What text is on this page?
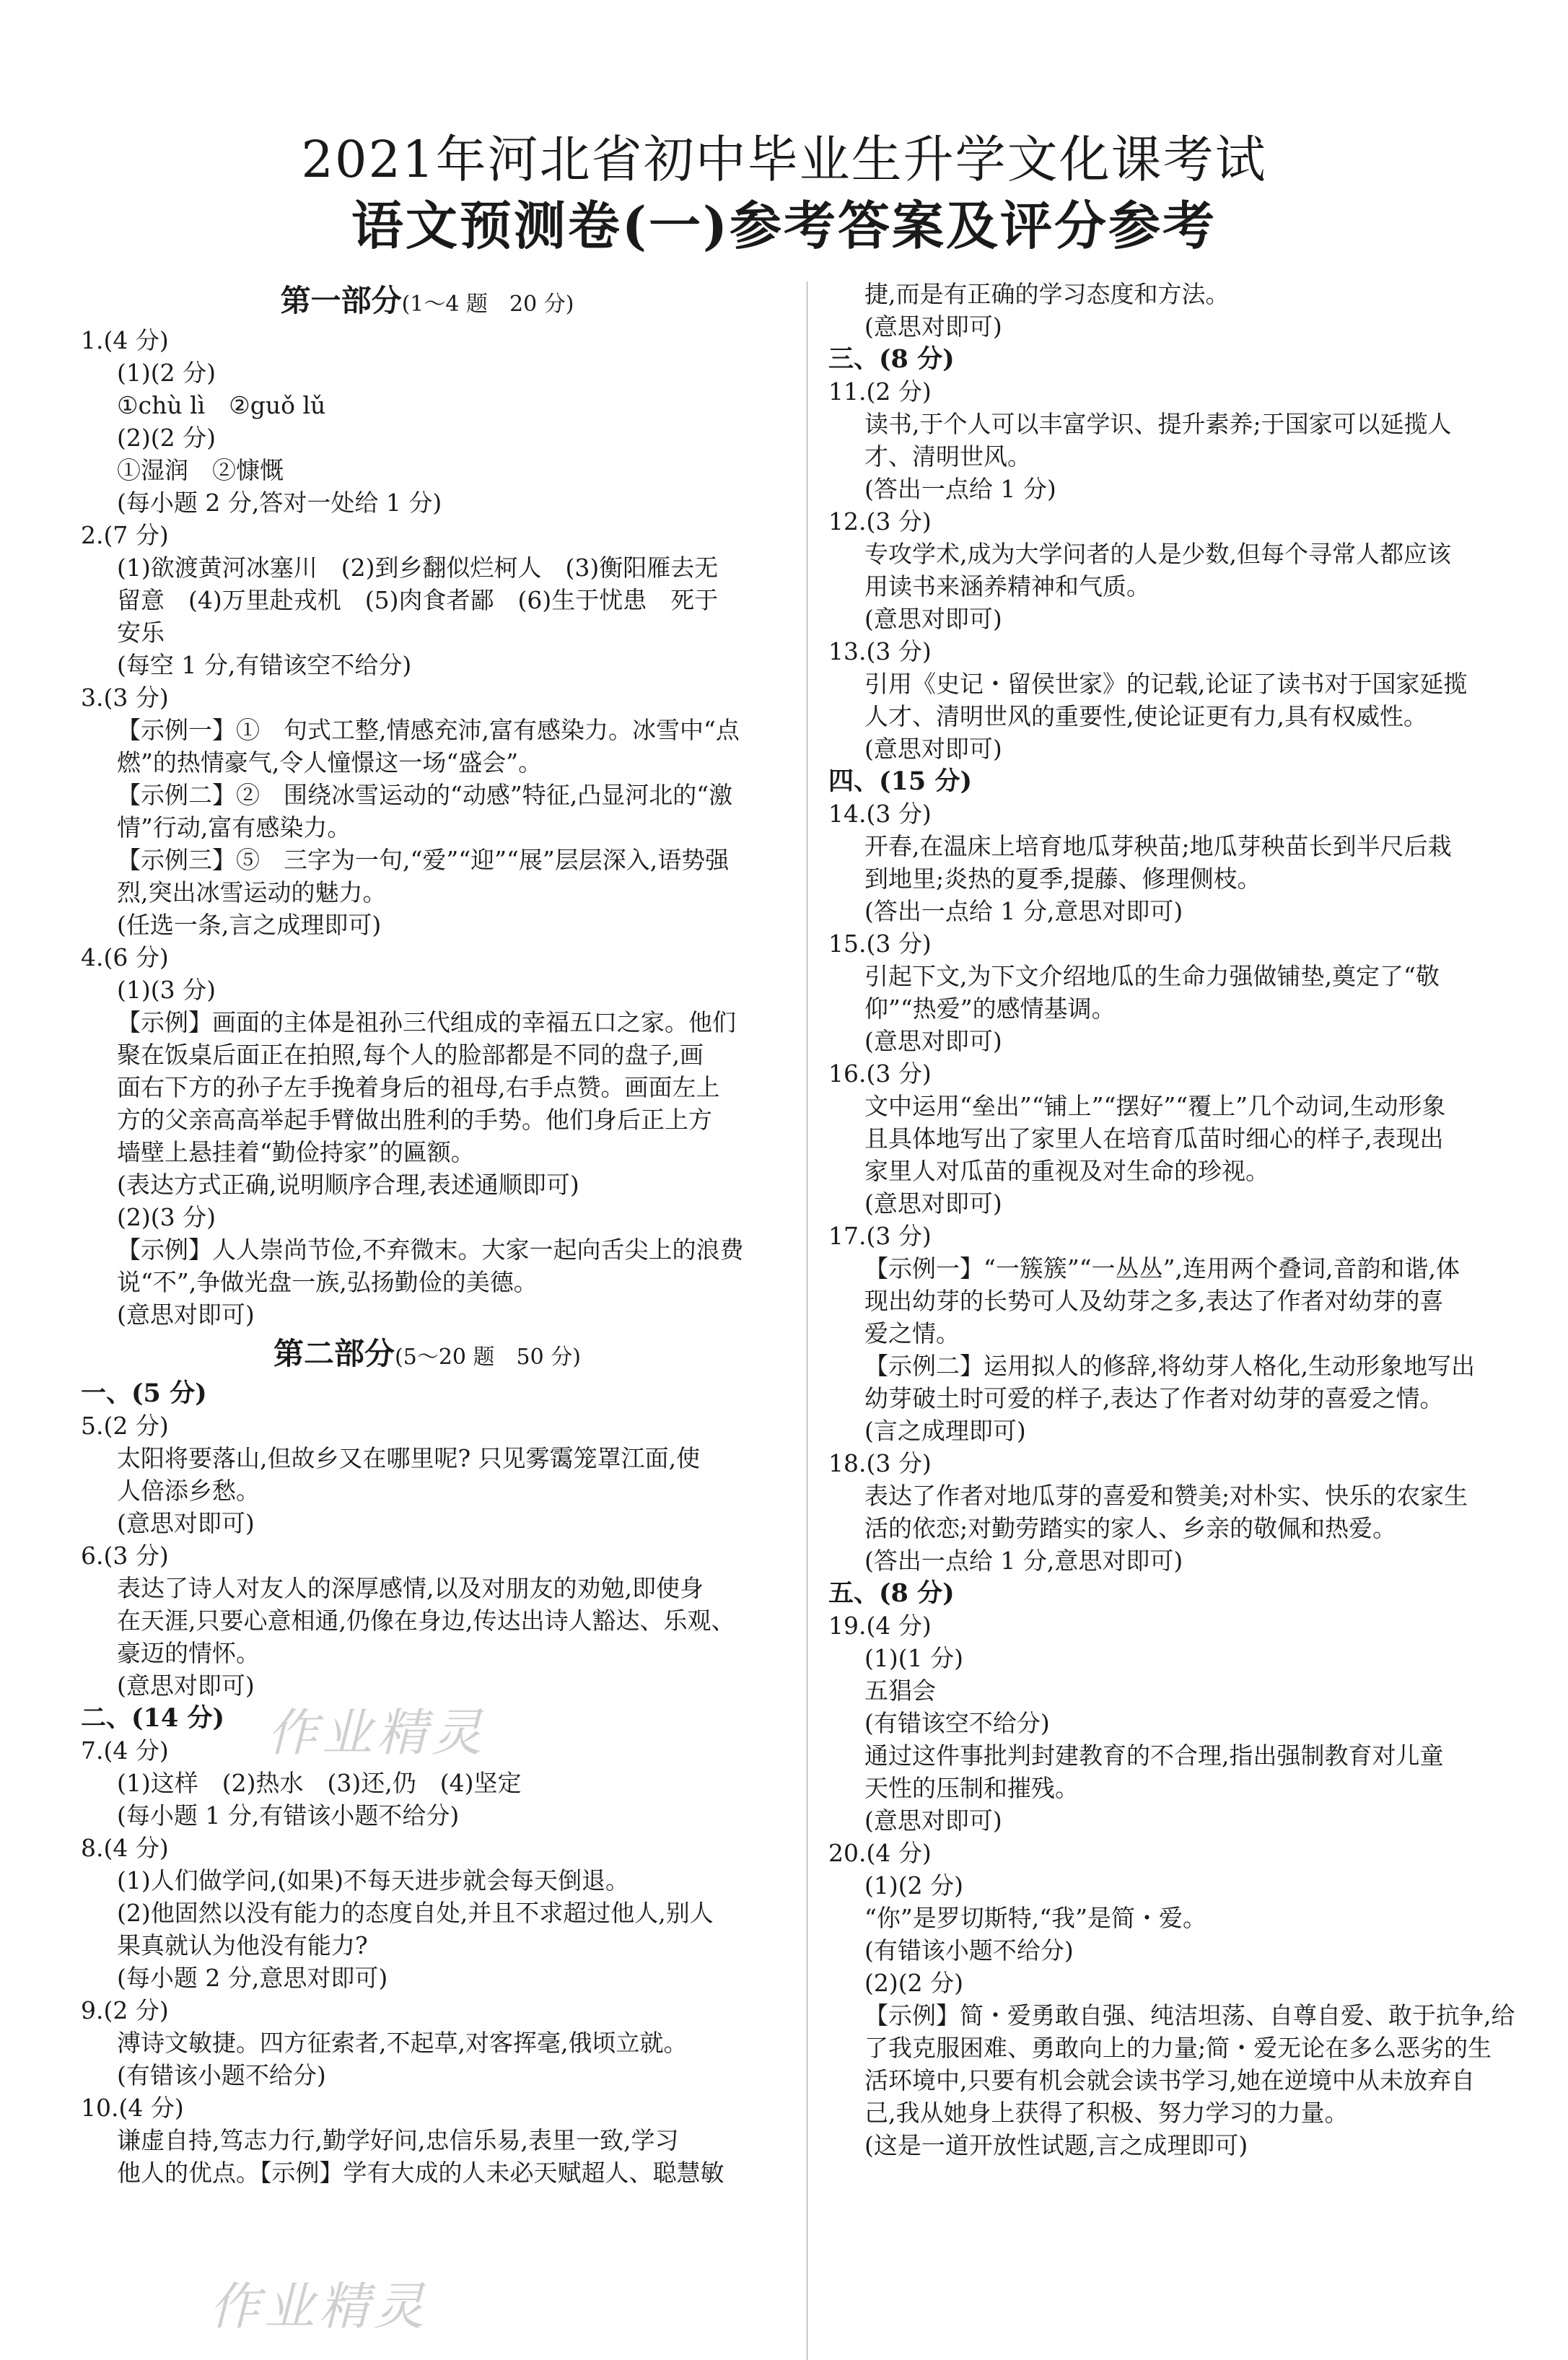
2021年河北省初中毕业生升学文化课考试
语文预测卷(一)参考答案及评分参考
第一部分(1～4 题　20 分)
1.(4 分)
(1)(2 分)
①chù lì　②guǒ lǔ
(2)(2 分)
①湿润　②慷慨
(每小题 2 分,答对一处给 1 分)
2.(7 分)
(1)欲渡黄河冰塞川　(2)到乡翻似烂柯人　(3)衡阳雁去无
留意　(4)万里赴戎机　(5)肉食者鄙　(6)生于忧患　死于
安乐
(每空 1 分,有错该空不给分)
3.(3 分)
【示例一】①　句式工整,情感充沛,富有感染力。冰雪中“点
燃”的热情豪气,令人憧憬这一场“盛会”。
【示例二】②　围绕冰雪运动的“动感”特征,凸显河北的“激
情”行动,富有感染力。
【示例三】⑤　三字为一句,“爱”“迎”“展”层层深入,语势强
烈,突出冰雪运动的魅力。
(任选一条,言之成理即可)
4.(6 分)
(1)(3 分)
【示例】画面的主体是祖孙三代组成的幸福五口之家。他们
聚在饭桌后面正在拍照,每个人的脸部都是不同的盘子,画
面右下方的孙子左手挽着身后的祖母,右手点赞。画面左上
方的父亲高高举起手臂做出胜利的手势。他们身后正上方
墙壁上悬挂着“勤俭持家”的匾额。
(表达方式正确,说明顺序合理,表述通顺即可)
(2)(3 分)
【示例】人人崇尚节俭,不弃微末。大家一起向舌尖上的浪费
说“不”,争做光盘一族,弘扬勤俭的美德。
(意思对即可)
第二部分(5～20 题　50 分)
一、(5 分)
5.(2 分)
太阳将要落山,但故乡又在哪里呢? 只见雾霭笼罩江面,使
人倍添乡愁。
(意思对即可)
6.(3 分)
表达了诗人对友人的深厚感情,以及对朋友的劝勉,即使身
在天涯,只要心意相通,仍像在身边,传达出诗人豁达、乐观、
豪迈的情怀。
(意思对即可)
二、(14 分)
7.(4 分)
(1)这样　(2)热水　(3)还,仍　(4)坚定
(每小题 1 分,有错该小题不给分)
8.(4 分)
(1)人们做学问,(如果)不每天进步就会每天倒退。
(2)他固然以没有能力的态度自处,并且不求超过他人,别人
果真就认为他没有能力?
(每小题 2 分,意思对即可)
9.(2 分)
溥诗文敏捷。四方征索者,不起草,对客挥毫,俄顷立就。
(有错该小题不给分)
10.(4 分)
谦虚自持,笃志力行,勤学好问,忠信乐易,表里一致,学习
他人的优点。【示例】学有大成的人未必天赋超人、聪慧敏
捷,而是有正确的学习态度和方法。
(意思对即可)
三、(8 分)
11.(2 分)
读书,于个人可以丰富学识、提升素养;于国家可以延揽人
才、清明世风。
(答出一点给 1 分)
12.(3 分)
专攻学术,成为大学问者的人是少数,但每个寻常人都应该
用读书来涵养精神和气质。
(意思对即可)
13.(3 分)
引用《史记・留侯世家》的记载,论证了读书对于国家延揽
人才、清明世风的重要性,使论证更有力,具有权威性。
(意思对即可)
四、(15 分)
14.(3 分)
开春,在温床上培育地瓜芽秧苗;地瓜芽秧苗长到半尺后栽
到地里;炎热的夏季,提藤、修理侧枝。
(答出一点给 1 分,意思对即可)
15.(3 分)
引起下文,为下文介绍地瓜的生命力强做铺垫,奠定了“敬
仰”“热爱”的感情基调。
(意思对即可)
16.(3 分)
文中运用“垒出”“铺上”“摆好”“覆上”几个动词,生动形象
且具体地写出了家里人在培育瓜苗时细心的样子,表现出
家里人对瓜苗的重视及对生命的珍视。
(意思对即可)
17.(3 分)
【示例一】“一簇簇”“一丛丛”,连用两个叠词,音韵和谐,体
现出幼芽的长势可人及幼芽之多,表达了作者对幼芽的喜
爱之情。
【示例二】运用拟人的修辞,将幼芽人格化,生动形象地写出
幼芽破土时可爱的样子,表达了作者对幼芽的喜爱之情。
(言之成理即可)
18.(3 分)
表达了作者对地瓜芽的喜爱和赞美;对朴实、快乐的农家生
活的依恋;对勤劳踏实的家人、乡亲的敬佩和热爱。
(答出一点给 1 分,意思对即可)
五、(8 分)
19.(4 分)
(1)(1 分)
五猖会
(有错该空不给分)
通过这件事批判封建教育的不合理,指出强制教育对儿童
天性的压制和摧残。
(意思对即可)
20.(4 分)
(1)(2 分)
“你”是罗切斯特,“我”是简・爱。
(有错该小题不给分)
(2)(2 分)
【示例】简・爱勇敢自强、纯洁坦荡、自尊自爱、敢于抗争,给
了我克服困难、勇敢向上的力量;简・爱无论在多么恶劣的生
活环境中,只要有机会就会读书学习,她在逆境中从未放弃自
己,我从她身上获得了积极、努力学习的力量。
(这是一道开放性试题,言之成理即可)
作业精灵
作业精灵
